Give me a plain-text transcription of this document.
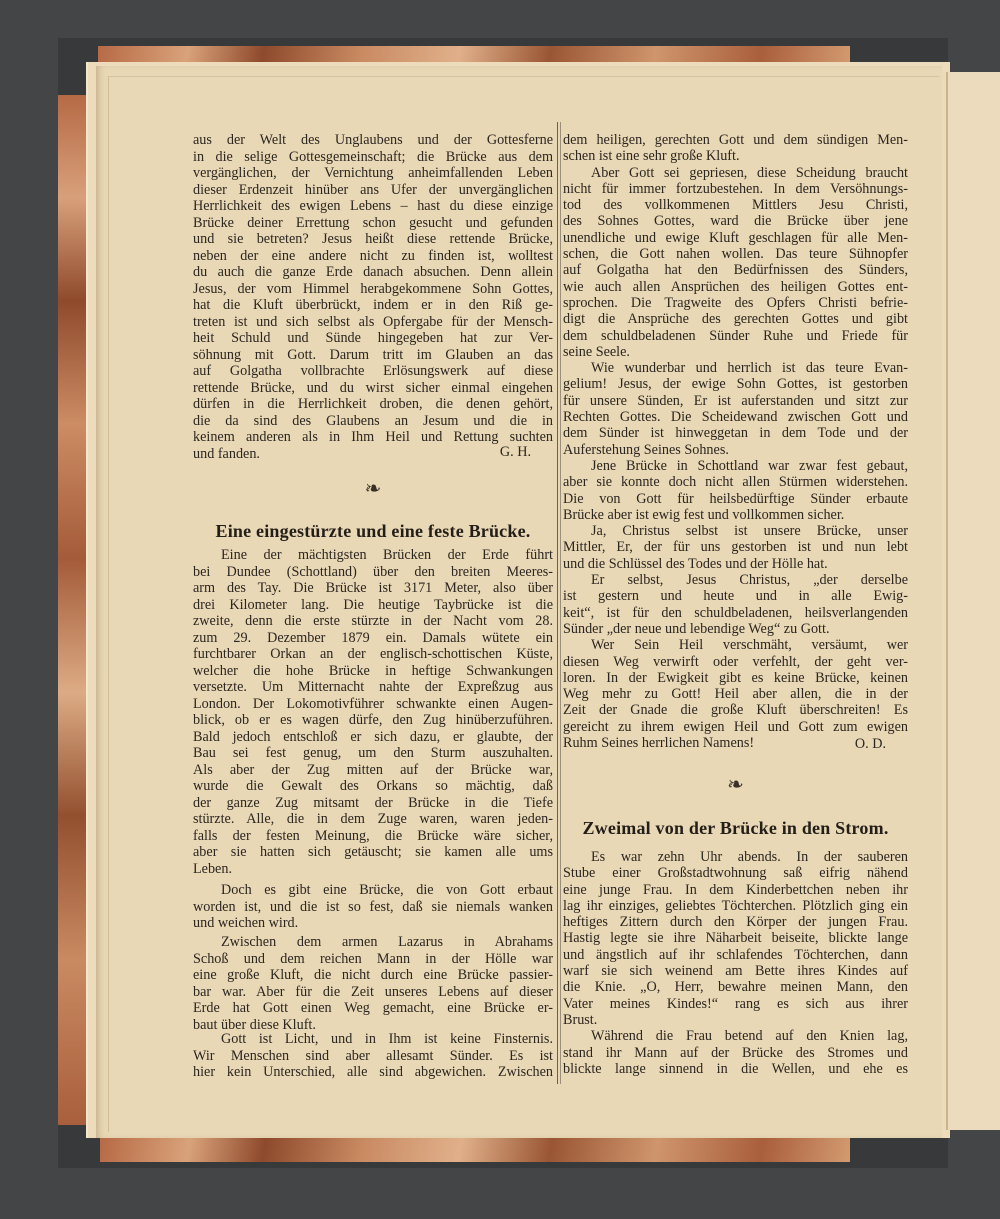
aus der Welt des Unglaubens und der Gottesferne
in die selige Gottesgemeinschaft; die Brücke aus dem
vergänglichen, der Vernichtung anheimfallenden Leben
dieser Erdenzeit hinüber ans Ufer der unvergänglichen
Herrlichkeit des ewigen Lebens – hast du diese einzige
Brücke deiner Errettung schon gesucht und gefunden
und sie betreten? Jesus heißt diese rettende Brücke,
neben der eine andere nicht zu finden ist, wolltest
du auch die ganze Erde danach absuchen. Denn allein
Jesus, der vom Himmel herabgekommene Sohn Gottes,
hat die Kluft überbrückt, indem er in den Riß ge-
treten ist und sich selbst als Opfergabe für der Mensch-
heit Schuld und Sünde hingegeben hat zur Ver-
söhnung mit Gott. Darum tritt im Glauben an das
auf Golgatha vollbrachte Erlösungswerk auf diese
rettende Brücke, und du wirst sicher einmal eingehen
dürfen in die Herrlichkeit droben, die denen gehört,
die da sind des Glaubens an Jesum und die in
keinem anderen als in Ihm Heil und Rettung suchten
und fanden.	G. H.
❧
Eine eingestürzte und eine feste Brücke.
Eine der mächtigsten Brücken der Erde führt
bei Dundee (Schottland) über den breiten Meeres-
arm des Tay. Die Brücke ist 3171 Meter, also über
drei Kilometer lang. Die heutige Taybrücke ist die
zweite, denn die erste stürzte in der Nacht vom 28.
zum 29. Dezember 1879 ein. Damals wütete ein
furchtbarer Orkan an der englisch-schottischen Küste,
welcher die hohe Brücke in heftige Schwankungen
versetzte. Um Mitternacht nahte der Expreßzug aus
London. Der Lokomotivführer schwankte einen Augen-
blick, ob er es wagen dürfe, den Zug hinüberzuführen.
Bald jedoch entschloß er sich dazu, er glaubte, der
Bau sei fest genug, um den Sturm auszuhalten.
Als aber der Zug mitten auf der Brücke war,
wurde die Gewalt des Orkans so mächtig, daß
der ganze Zug mitsamt der Brücke in die Tiefe
stürzte. Alle, die in dem Zuge waren, waren jeden-
falls der festen Meinung, die Brücke wäre sicher,
aber sie hatten sich getäuscht; sie kamen alle ums
Leben.
Doch es gibt eine Brücke, die von Gott erbaut
worden ist, und die ist so fest, daß sie niemals wanken
und weichen wird.
Zwischen dem armen Lazarus in Abrahams
Schoß und dem reichen Mann in der Hölle war
eine große Kluft, die nicht durch eine Brücke passier-
bar war. Aber für die Zeit unseres Lebens auf dieser
Erde hat Gott einen Weg gemacht, eine Brücke er-
baut über diese Kluft.
Gott ist Licht, und in Ihm ist keine Finsternis.
Wir Menschen sind aber allesamt Sünder. Es ist
hier kein Unterschied, alle sind abgewichen. Zwischen
dem heiligen, gerechten Gott und dem sündigen Men-
schen ist eine sehr große Kluft.
Aber Gott sei gepriesen, diese Scheidung braucht
nicht für immer fortzubestehen. In dem Versöhnungs-
tod des vollkommenen Mittlers Jesu Christi,
des Sohnes Gottes, ward die Brücke über jene
unendliche und ewige Kluft geschlagen für alle Men-
schen, die Gott nahen wollen. Das teure Sühnopfer
auf Golgatha hat den Bedürfnissen des Sünders,
wie auch allen Ansprüchen des heiligen Gottes ent-
sprochen. Die Tragweite des Opfers Christi befrie-
digt die Ansprüche des gerechten Gottes und gibt
dem schuldbeladenen Sünder Ruhe und Friede für
seine Seele.
Wie wunderbar und herrlich ist das teure Evan-
gelium! Jesus, der ewige Sohn Gottes, ist gestorben
für unsere Sünden, Er ist auferstanden und sitzt zur
Rechten Gottes. Die Scheidewand zwischen Gott und
dem Sünder ist hinweggetan in dem Tode und der
Auferstehung Seines Sohnes.
Jene Brücke in Schottland war zwar fest gebaut,
aber sie konnte doch nicht allen Stürmen widerstehen.
Die von Gott für heilsbedürftige Sünder erbaute
Brücke aber ist ewig fest und vollkommen sicher.
Ja, Christus selbst ist unsere Brücke, unser
Mittler, Er, der für uns gestorben ist und nun lebt
und die Schlüssel des Todes und der Hölle hat.
Er selbst, Jesus Christus, „der derselbe
ist gestern und heute und in alle Ewig-
keit“, ist für den schuldbeladenen, heilsverlangenden
Sünder „der neue und lebendige Weg“ zu Gott.
Wer Sein Heil verschmäht, versäumt, wer
diesen Weg verwirft oder verfehlt, der geht ver-
loren. In der Ewigkeit gibt es keine Brücke, keinen
Weg mehr zu Gott! Heil aber allen, die in der
Zeit der Gnade die große Kluft überschreiten! Es
gereicht zu ihrem ewigen Heil und Gott zum ewigen
Ruhm Seines herrlichen Namens!	O. D.
❧
Zweimal von der Brücke in den Strom.
Es war zehn Uhr abends. In der sauberen
Stube einer Großstadtwohnung saß eifrig nähend
eine junge Frau. In dem Kinderbettchen neben ihr
lag ihr einziges, geliebtes Töchterchen. Plötzlich ging ein
heftiges Zittern durch den Körper der jungen Frau.
Hastig legte sie ihre Näharbeit beiseite, blickte lange
und ängstlich auf ihr schlafendes Töchterchen, dann
warf sie sich weinend am Bette ihres Kindes auf
die Knie. „O, Herr, bewahre meinen Mann, den
Vater meines Kindes!“ rang es sich aus ihrer
Brust.
Während die Frau betend auf den Knien lag,
stand ihr Mann auf der Brücke des Stromes und
blickte lange sinnend in die Wellen, und ehe es
